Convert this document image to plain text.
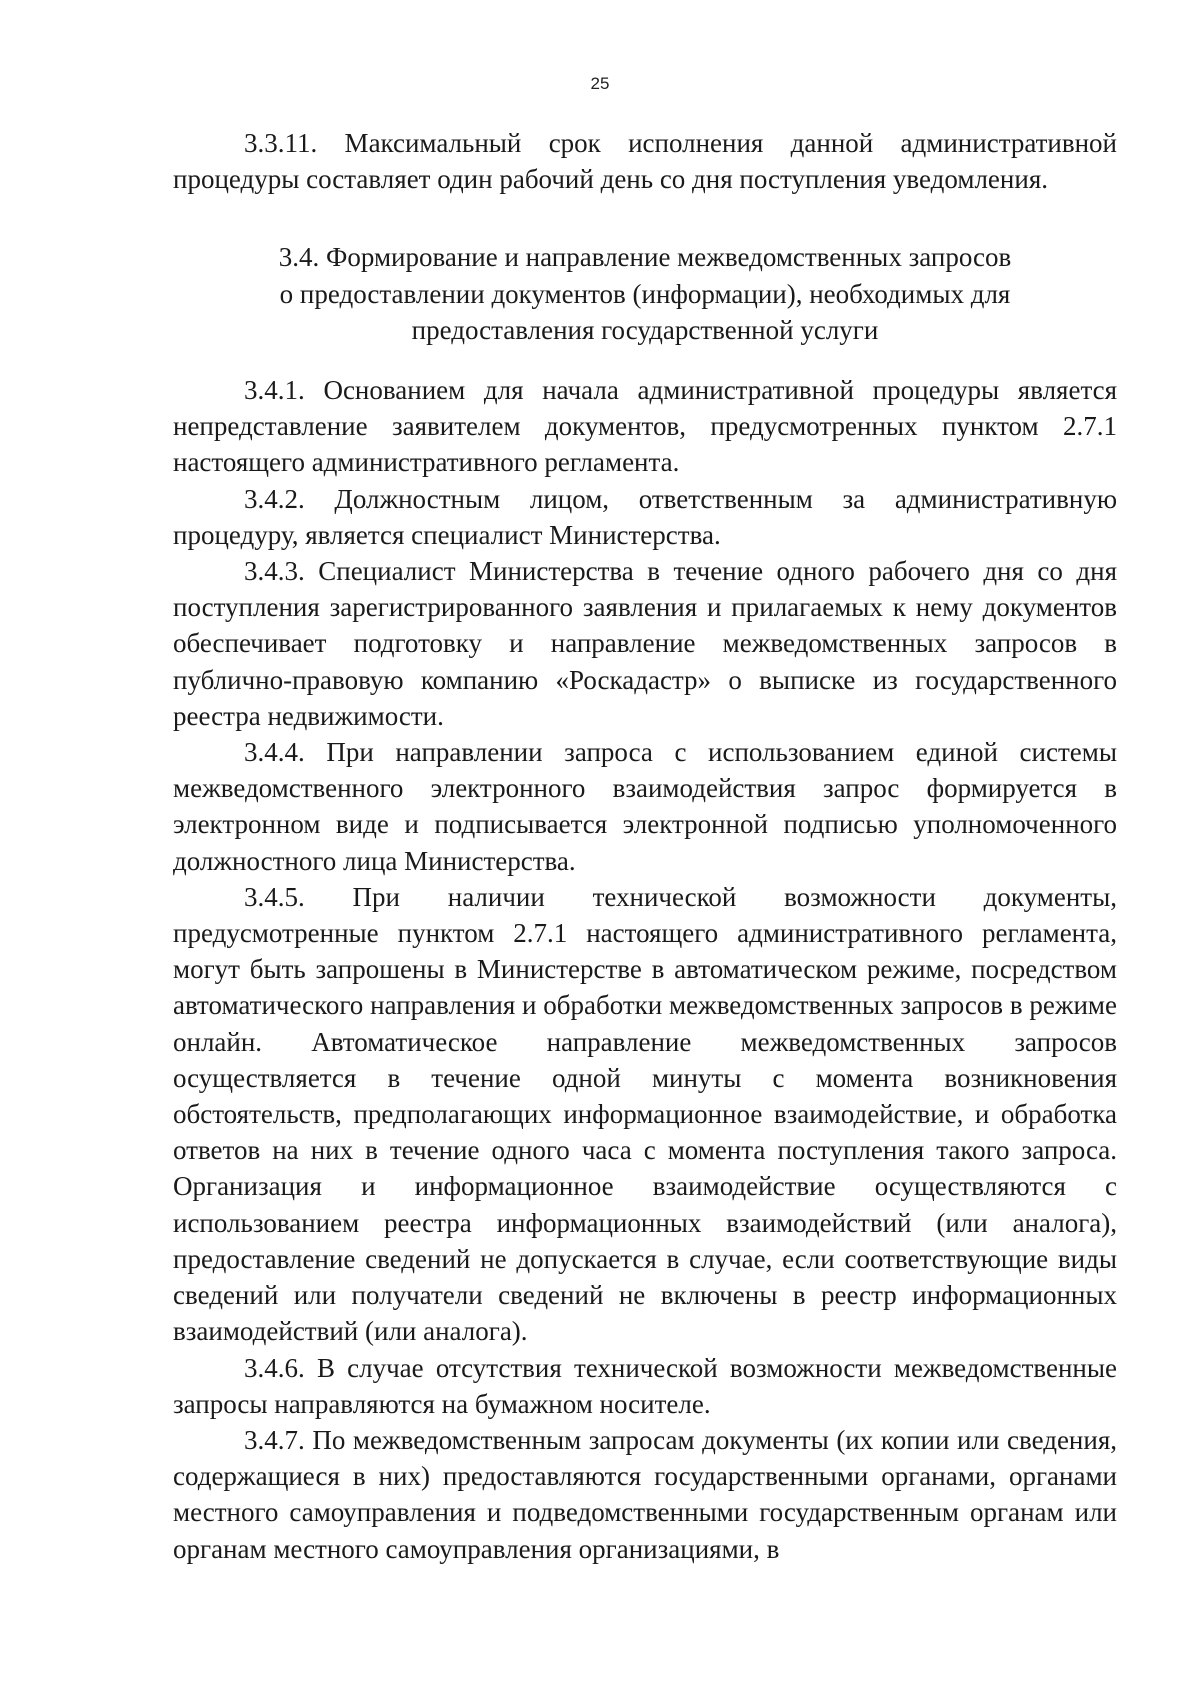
25

3.3.11. Максимальный срок исполнения данной административной процедуры составляет один рабочий день со дня поступления уведомления.

3.4. Формирование и направление межведомственных запросов
о предоставлении документов (информации), необходимых для
предоставления государственной услуги

3.4.1. Основанием для начала административной процедуры является непредставление заявителем документов, предусмотренных пунктом 2.7.1 настоящего административного регламента.

3.4.2. Должностным лицом, ответственным за административную процедуру, является специалист Министерства.

3.4.3. Специалист Министерства в течение одного рабочего дня со дня поступления зарегистрированного заявления и прилагаемых к нему документов обеспечивает подготовку и направление межведомственных запросов в публично-правовую компанию «Роскадастр» о выписке из государственного реестра недвижимости.

3.4.4. При направлении запроса с использованием единой системы межведомственного электронного взаимодействия запрос формируется в электронном виде и подписывается электронной подписью уполномоченного должностного лица Министерства.

3.4.5. При наличии технической возможности документы, предусмотренные пунктом 2.7.1 настоящего административного регламента, могут быть запрошены в Министерстве в автоматическом режиме, посредством автоматического направления и обработки межведомственных запросов в режиме онлайн. Автоматическое направление межведомственных запросов осуществляется в течение одной минуты с момента возникновения обстоятельств, предполагающих информационное взаимодействие, и обработка ответов на них в течение одного часа с момента поступления такого запроса. Организация и информационное взаимодействие осуществляются с использованием реестра информационных взаимодействий (или аналога), предоставление сведений не допускается в случае, если соответствующие виды сведений или получатели сведений не включены в реестр информационных взаимодействий (или аналога).

3.4.6. В случае отсутствия технической возможности межведомственные запросы направляются на бумажном носителе.

3.4.7. По межведомственным запросам документы (их копии или сведения, содержащиеся в них) предоставляются государственными органами, органами местного самоуправления и подведомственными государственным органам или органам местного самоуправления организациями, в
